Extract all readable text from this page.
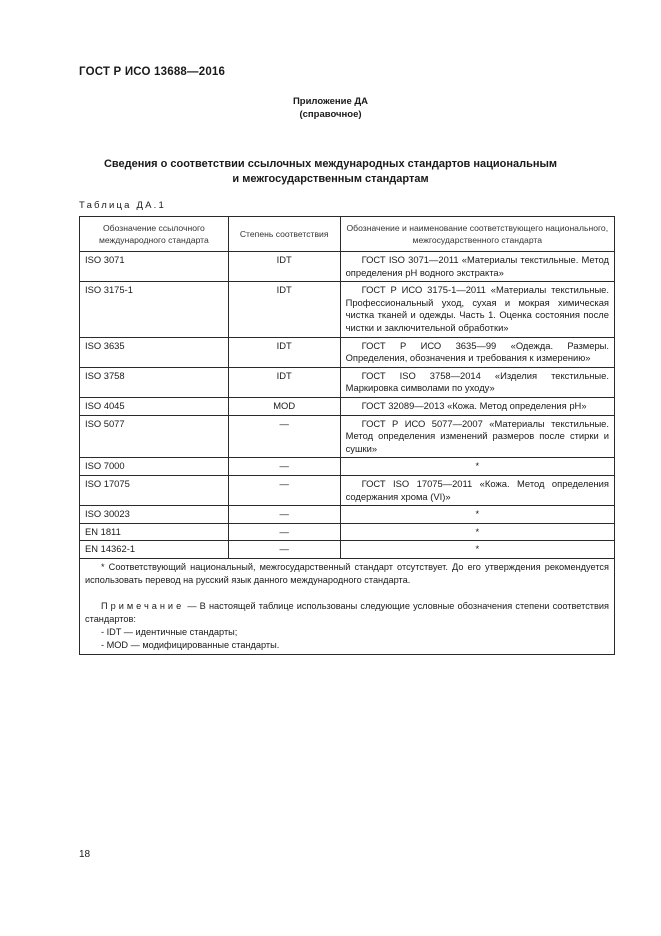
ГОСТ Р ИСО 13688—2016
Приложение ДА
(справочное)
Сведения о соответствии ссылочных международных стандартов национальным
и межгосударственным стандартам
Таблица ДА.1
Обозначение ссылочного международного стандарта	Степень соответствия	Обозначение и наименование соответствующего национального, межгосударственного стандарта
ISO 3071	IDT	ГОСТ ISO 3071—2011 «Материалы текстильные. Метод определения pH водного экстракта»
ISO 3175-1	IDT	ГОСТ Р ИСО 3175-1—2011 «Материалы текстильные. Профессиональный уход, сухая и мокрая химическая чистка тканей и одежды. Часть 1. Оценка состояния после чистки и заключительной обработки»
ISO 3635	IDT	ГОСТ Р ИСО 3635—99 «Одежда. Размеры. Определения, обозначения и требования к измерению»
ISO 3758	IDT	ГОСТ ISO 3758—2014 «Изделия текстильные. Маркировка символами по уходу»
ISO 4045	MOD	ГОСТ 32089—2013 «Кожа. Метод определения pH»
ISO 5077	—	ГОСТ Р ИСО 5077—2007 «Материалы текстильные. Метод определения изменений размеров после стирки и сушки»
ISO 7000	—	*
ISO 17075	—	ГОСТ ISO 17075—2011 «Кожа. Метод определения содержания хрома (VI)»
ISO 30023	—	*
EN 1811	—	*
EN 14362-1	—	*

* Соответствующий национальный, межгосударственный стандарт отсутствует. До его утверждения рекомендуется использовать перевод на русский язык данного международного стандарта.

Примечание — В настоящей таблице использованы следующие условные обозначения степени соответствия стандартов:

- IDT — идентичные стандарты;

- MOD — модифицированные стандарты.		

18
